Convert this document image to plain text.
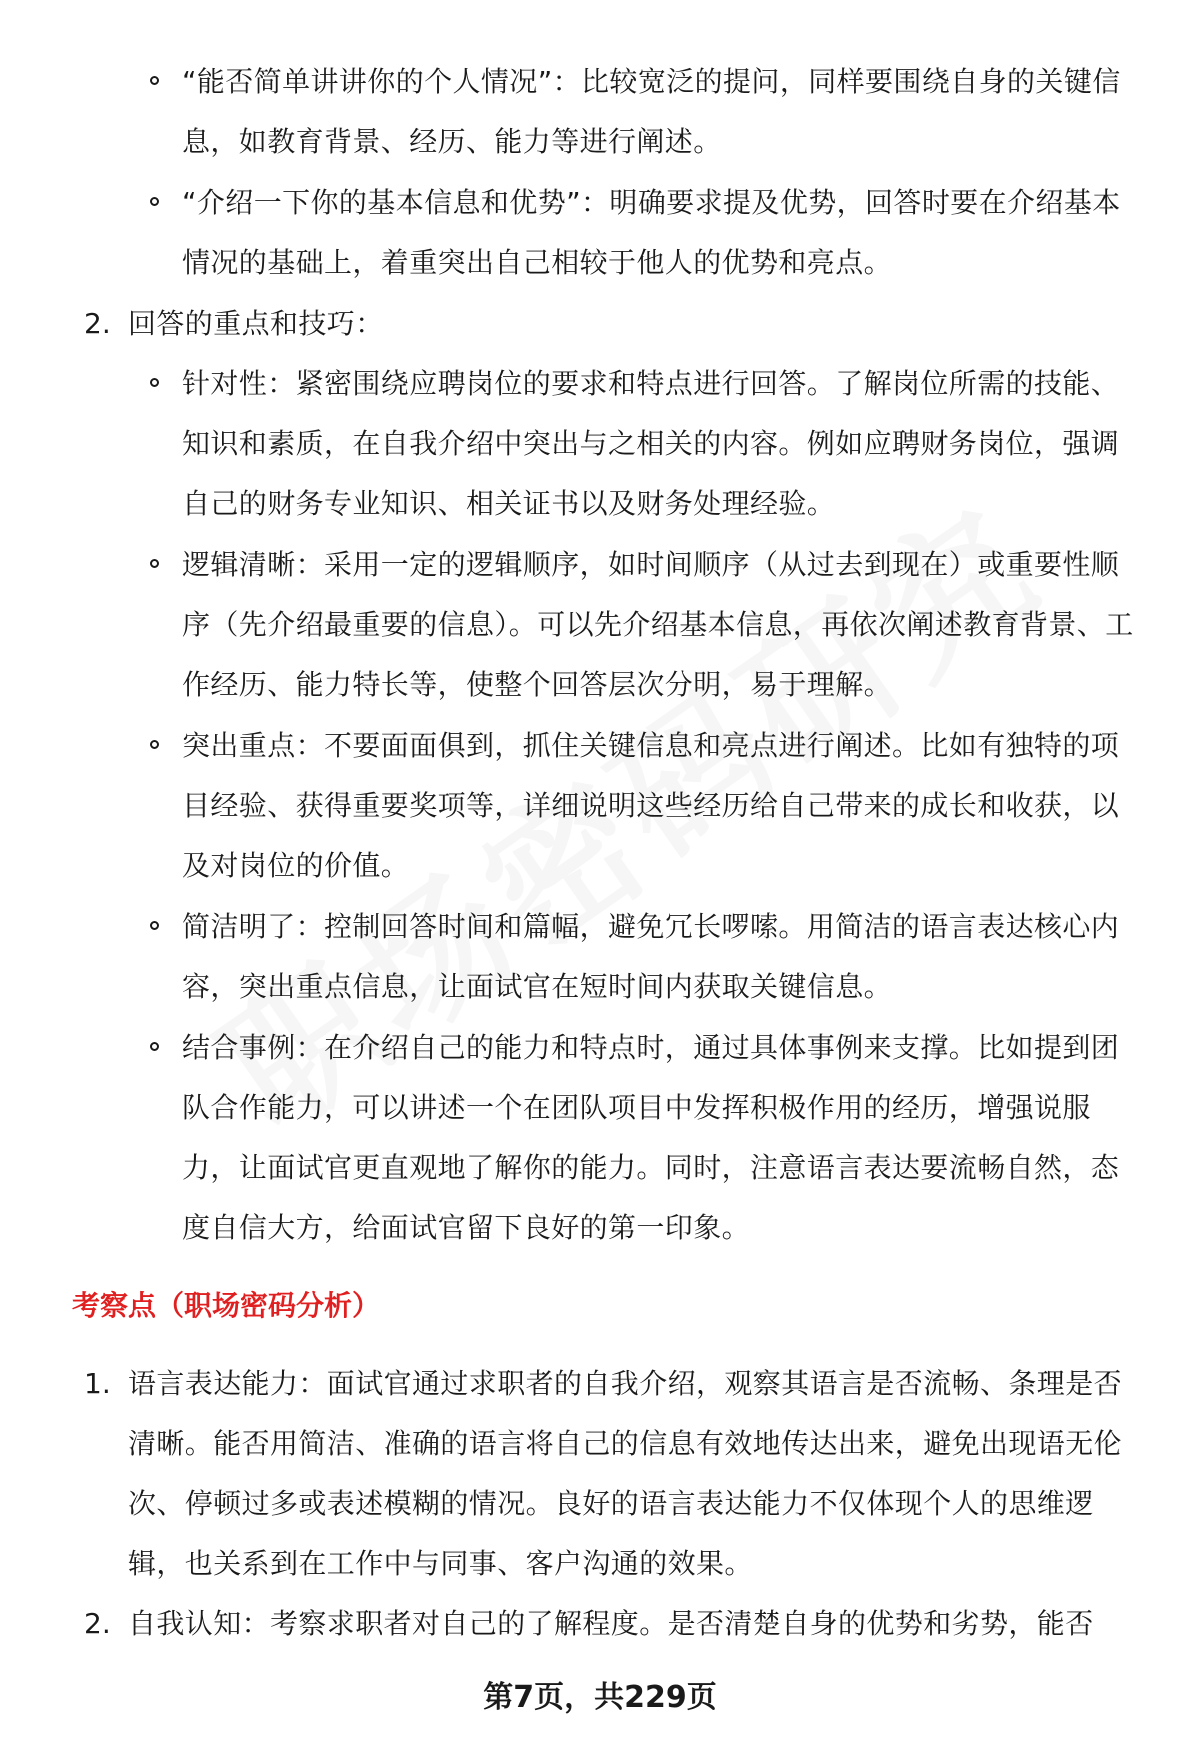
“能否简单讲讲你的个人情况”：比较宽泛的提问，同样要围绕自身的关键信息，如教育背景、经历、能力等进行阐述。

“介绍一下你的基本信息和优势”：明确要求提及优势，回答时要在介绍基本情况的基础上，着重突出自己相较于他人的优势和亮点。

2. 回答的重点和技巧：

针对性：紧密围绕应聘岗位的要求和特点进行回答。了解岗位所需的技能、知识和素质，在自我介绍中突出与之相关的内容。例如应聘财务岗位，强调自己的财务专业知识、相关证书以及财务处理经验。

逻辑清晰：采用一定的逻辑顺序，如时间顺序（从过去到现在）或重要性顺序（先介绍最重要的信息）。可以先介绍基本信息，再依次阐述教育背景、工作经历、能力特长等，使整个回答层次分明，易于理解。

突出重点：不要面面俱到，抓住关键信息和亮点进行阐述。比如有独特的项目经验、获得重要奖项等，详细说明这些经历给自己带来的成长和收获，以及对岗位的价值。

简洁明了：控制回答时间和篇幅，避免冗长啰嗦。用简洁的语言表达核心内容，突出重点信息，让面试官在短时间内获取关键信息。

结合事例：在介绍自己的能力和特点时，通过具体事例来支撑。比如提到团队合作能力，可以讲述一个在团队项目中发挥积极作用的经历，增强说服力，让面试官更直观地了解你的能力。同时，注意语言表达要流畅自然，态度自信大方，给面试官留下良好的第一印象。

考察点（职场密码分析）
1. 语言表达能力：面试官通过求职者的自我介绍，观察其语言是否流畅、条理是否清晰。能否用简洁、准确的语言将自己的信息有效地传达出来，避免出现语无伦次、停顿过多或表述模糊的情况。良好的语言表达能力不仅体现个人的思维逻辑，也关系到在工作中与同事、客户沟通的效果。

2. 自我认知：考察求职者对自己的了解程度。是否清楚自身的优势和劣势，能否

第7页，共229页
